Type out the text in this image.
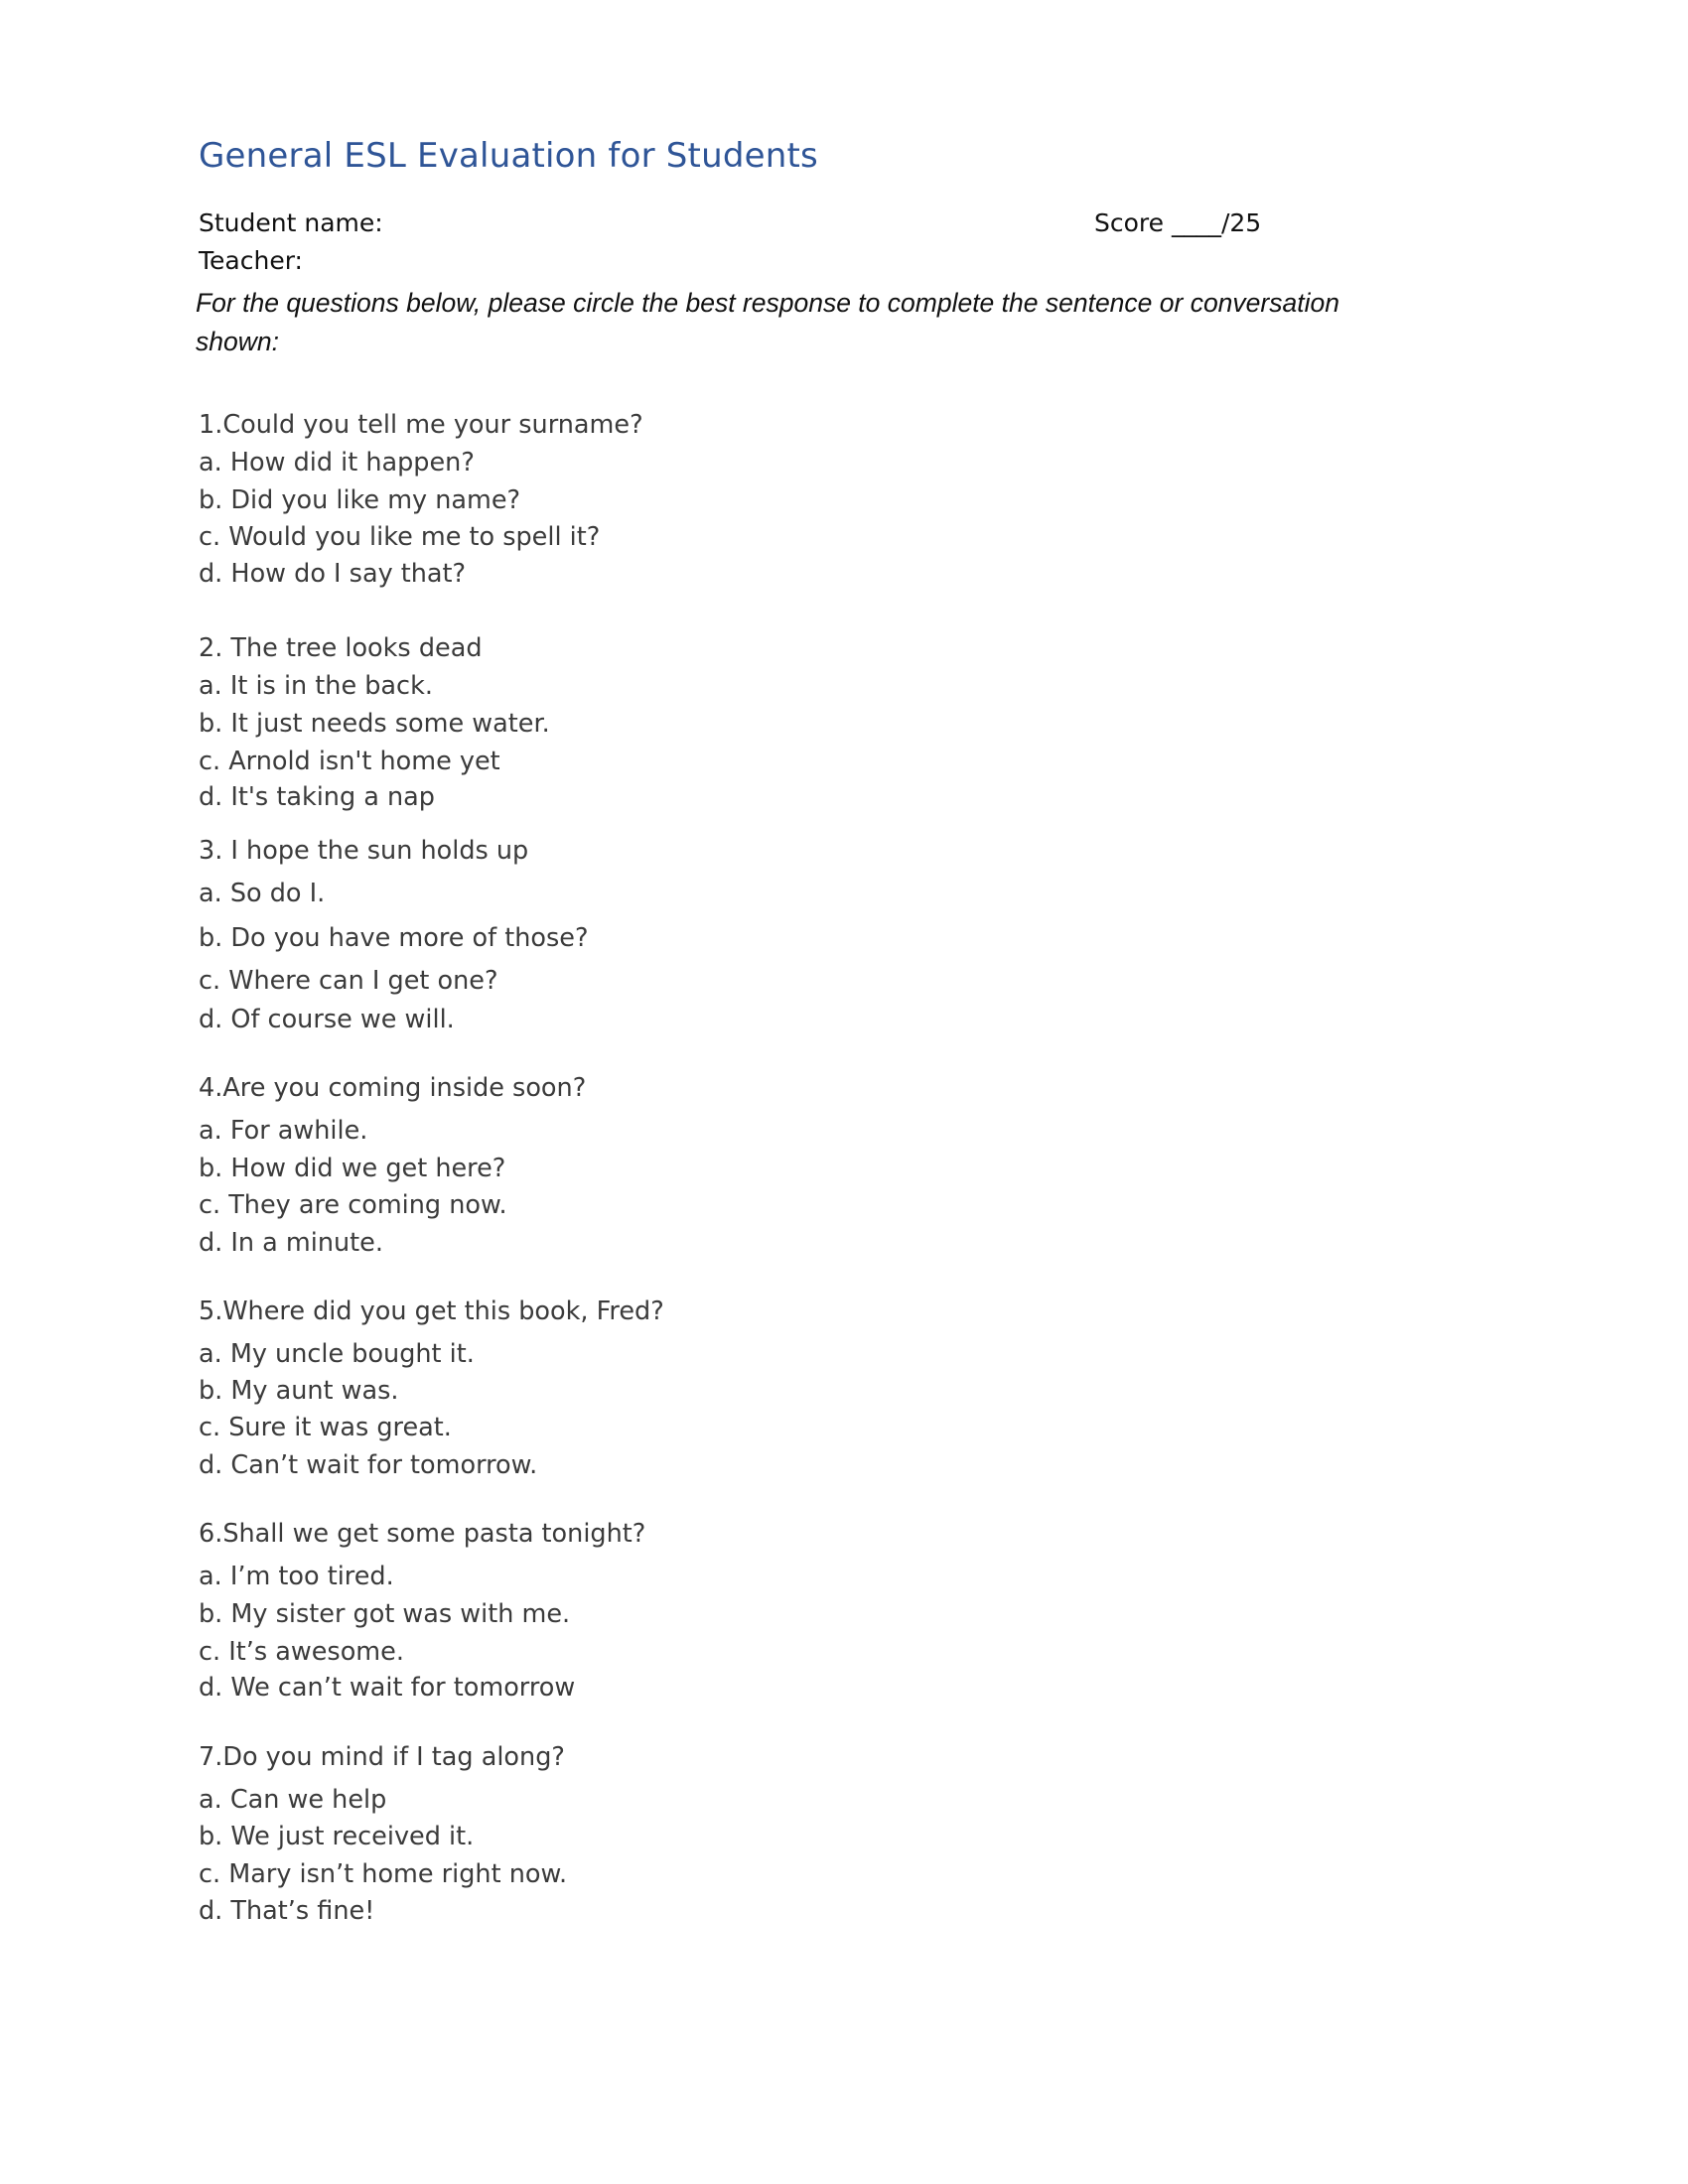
General ESL Evaluation for Students
Student name:	Score ____/25
Teacher:
For the questions below, please circle the best response to complete the sentence or conversation shown:
1.Could you tell me your surname?
a. How did it happen?
b. Did you like my name?
c. Would you like me to spell it?
d. How do I say that?
2. The tree looks dead
a. It is in the back.
b. It just needs some water.
c. Arnold isn't home yet
d. It's taking a nap
3. I hope the sun holds up
a. So do I.
b. Do you have more of those?
c. Where can I get one?
d. Of course we will.
4.Are you coming inside soon?
a. For awhile.
b. How did we get here?
c. They are coming now.
d. In a minute.
5.Where did you get this book, Fred?
a. My uncle bought it.
b. My aunt was.
c. Sure it was great.
d. Can’t wait for tomorrow.
6.Shall we get some pasta tonight?
a. I’m too tired.
b. My sister got was with me.
c. It’s awesome.
d. We can’t wait for tomorrow
7.Do you mind if I tag along?
a. Can we help
b. We just received it.
c. Mary isn’t home right now.
d. That’s fine!
